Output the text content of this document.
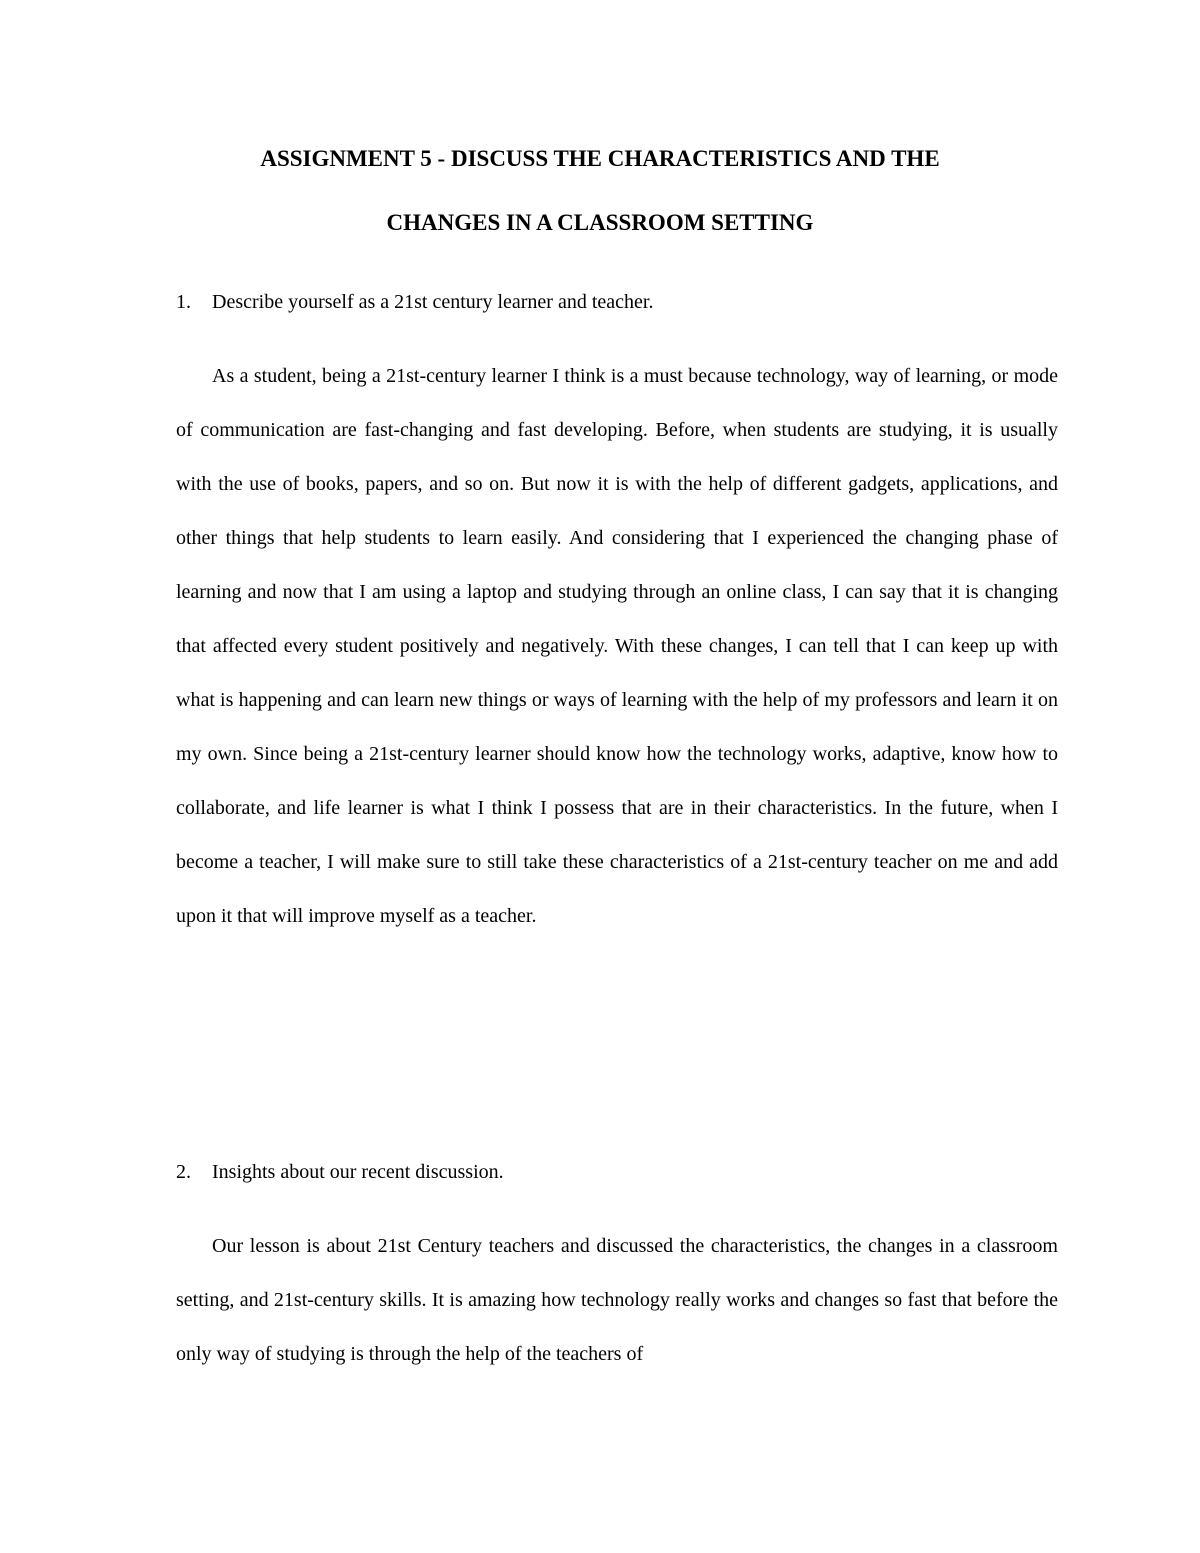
ASSIGNMENT 5 - DISCUSS THE CHARACTERISTICS AND THE
CHANGES IN A CLASSROOM SETTING
1. Describe yourself as a 21st century learner and teacher.

As a student, being a 21st-century learner I think is a must because technology, way of learning, or mode of communication are fast-changing and fast developing. Before, when students are studying, it is usually with the use of books, papers, and so on. But now it is with the help of different gadgets, applications, and other things that help students to learn easily. And considering that I experienced the changing phase of learning and now that I am using a laptop and studying through an online class, I can say that it is changing that affected every student positively and negatively. With these changes, I can tell that I can keep up with what is happening and can learn new things or ways of learning with the help of my professors and learn it on my own. Since being a 21st-century learner should know how the technology works, adaptive, know how to collaborate, and life learner is what I think I possess that are in their characteristics. In the future, when I become a teacher, I will make sure to still take these characteristics of a 21st-century teacher on me and add upon it that will improve myself as a teacher.

2. Insights about our recent discussion.

Our lesson is about 21st Century teachers and discussed the characteristics, the changes in a classroom setting, and 21st-century skills. It is amazing how technology really works and changes so fast that before the only way of studying is through the help of the teachers of
